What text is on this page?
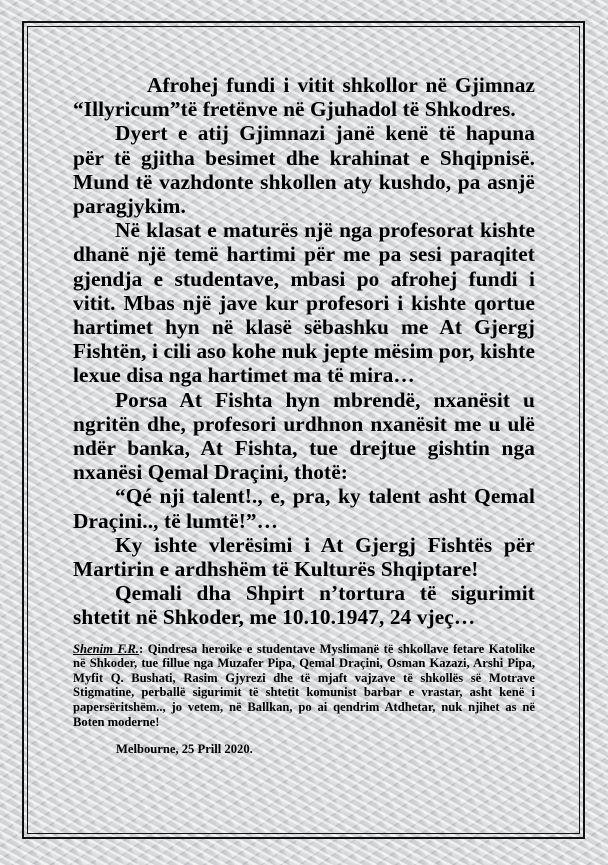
Afrohej fundi i vitit shkollor në Gjimnaz “Illyricum”të fretënve në Gjuhadol të Shkodres.

Dyert e atij Gjimnazi janë kenë të hapuna për të gjitha besimet dhe krahinat e Shqipnisë. Mund të vazhdonte shkollen aty kushdo, pa asnjë paragjykim.

Në klasat e maturës një nga profesorat kishte dhanë një temë hartimi për me pa sesi paraqitet gjendja e studentave, mbasi po afrohej fundi i vitit. Mbas një jave kur profesori i kishte qortue hartimet hyn në klasë sëbashku me At Gjergj Fishtën, i cili aso kohe nuk jepte mësim por, kishte lexue disa nga hartimet ma të mira…

Porsa At Fishta hyn mbrendë, nxanësit u ngritën dhe, profesori urdhnon nxanësit me u ulë ndër banka, At Fishta, tue drejtue gishtin nga nxanësi Qemal Draçini, thotë:

“Qé nji talent!., e, pra, ky talent asht Qemal Draçini.., të lumtë!”…

Ky ishte vlerësimi i At Gjergj Fishtës për Martirin e ardhshëm të Kulturës Shqiptare!

Qemali dha Shpirt n’tortura të sigurimit shtetit në Shkoder, me 10.10.1947, 24 vjeç…

Shenim F.R.: Qindresa heroike e studentave Myslimanë të shkollave fetare Katolike në Shkoder, tue fillue nga Muzafer Pipa, Qemal Draçini, Osman Kazazi, Arshi Pipa, Myfit Q. Bushati, Rasim Gjyrezi dhe të mjaft vajzave të shkollës së Motrave Stigmatine, perballë sigurimit të shtetit komunist barbar e vrastar, asht kenë i papersëritshëm.., jo vetem, në Ballkan, po ai qendrim Atdhetar, nuk njihet as në Boten moderne!

Melbourne, 25 Prill 2020.
